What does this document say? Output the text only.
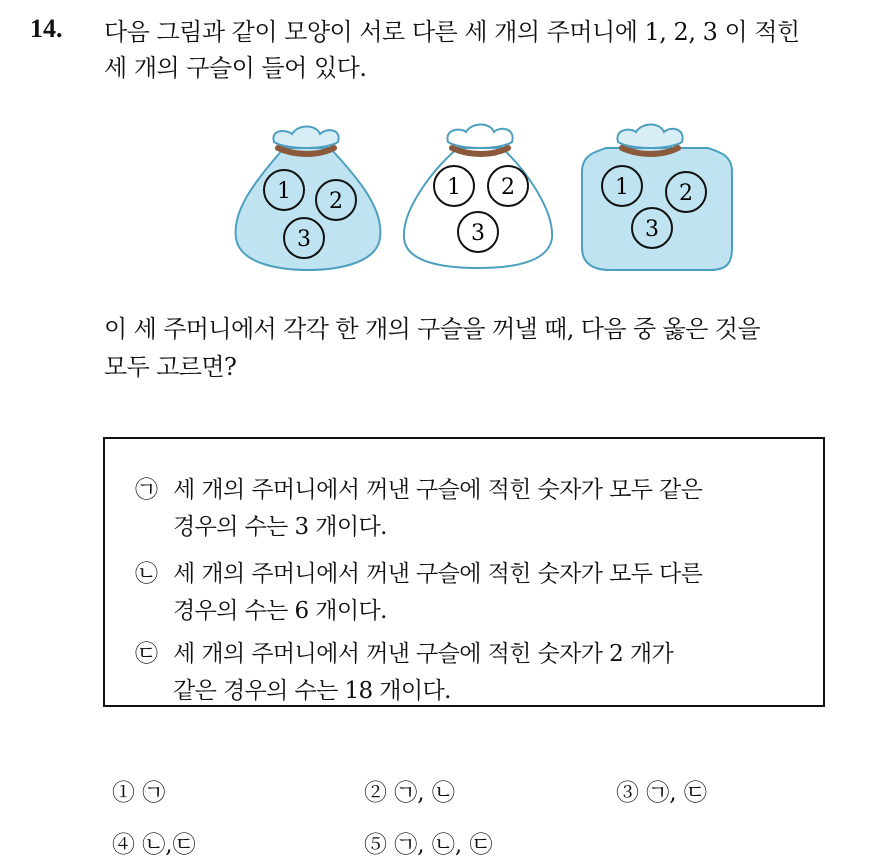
14. 다음 그림과 같이 모양이 서로 다른 세 개의 주머니에 1, 2, 3 이 적힌
세 개의 구슬이 들어 있다.
1 2
3
1 2
3
1 2
3
이 세 주머니에서 각각 한 개의 구슬을 꺼낼 때, 다음 중 옳은 것을
모두 고르면?
㉠ 세 개의 주머니에서 꺼낸 구슬에 적힌 숫자가 모두 같은
경우의 수는 3 개이다.
㉡ 세 개의 주머니에서 꺼낸 구슬에 적힌 숫자가 모두 다른
경우의 수는 6 개이다.
㉢ 세 개의 주머니에서 꺼낸 구슬에 적힌 숫자가 2 개가
같은 경우의 수는 18 개이다.
① ㉠	② ㉠, ㉡	③ ㉠, ㉢
④ ㉡,㉢	⑤ ㉠, ㉡, ㉢
